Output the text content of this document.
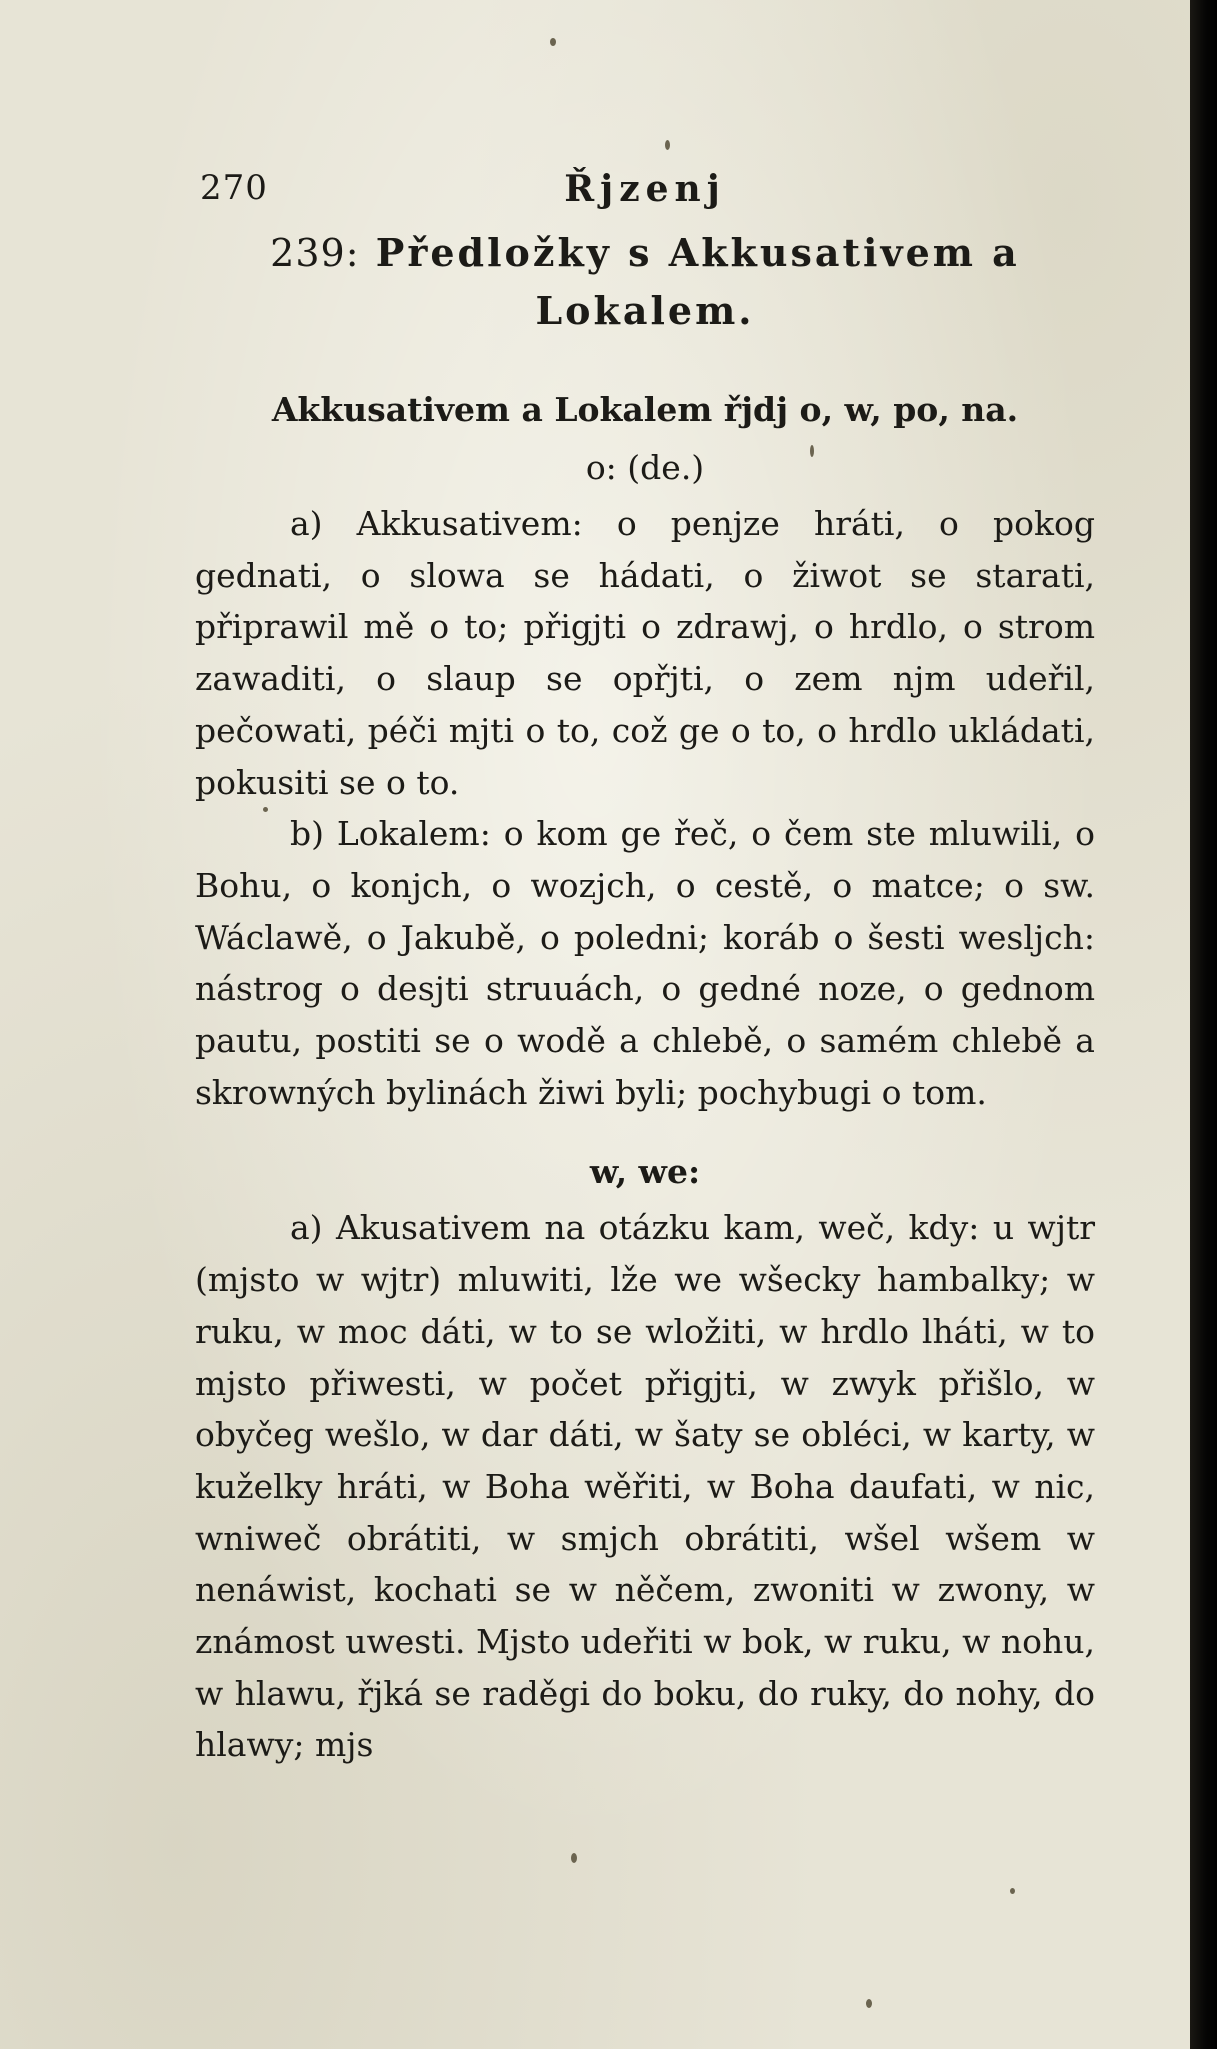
270	Řjzenj
239: Předložky s Akkusativem a Lokalem.

Akkusativem a Lokalem řjdj o, w, po, na.

o: (de.)

a) Akkusativem: o penjze hráti, o pokog gednati, o slowa se hádati, o žiwot se starati, připrawil mě o to; přigjti o zdrawj, o hrdlo, o strom zawaditi, o slaup se opřjti, o zem njm udeřil, pečowati, péči mjti o to, což ge o to, o hrdlo ukládati, pokusiti se o to.

b) Lokalem: o kom ge řeč, o čem ste mluwili, o Bohu, o konjch, o wozjch, o cestě, o matce; o sw. Wáclawě, o Jakubě, o poledni; koráb o šesti wesljch: nástrog o desjti struuách, o gedné noze, o gednom pautu, postiti se o wodě a chlebě, o samém chlebě a skrowných bylinách žiwi byli; pochybugi o tom.

w, we:

a) Akusativem na otázku kam, weč, kdy: u wjtr (mjsto w wjtr) mluwiti, lže we wšecky hambalky; w ruku, w moc dáti, w to se wložiti, w hrdlo lháti, w to mjsto přiwesti, w počet přigjti, w zwyk přišlo, w obyčeg wešlo, w dar dáti, w šaty se obléci, w karty, w kuželky hráti, w Boha wěřiti, w Boha daufati, w nic, wniweč obrátiti, w smjch obrátiti, wšel wšem w nenáwist, kochati se w něčem, zwoniti w zwony, w známost uwesti. Mjsto udeřiti w bok, w ruku, w nohu, w hlawu, řjká se raděgi do boku, do ruky, do nohy, do hlawy; mjs
